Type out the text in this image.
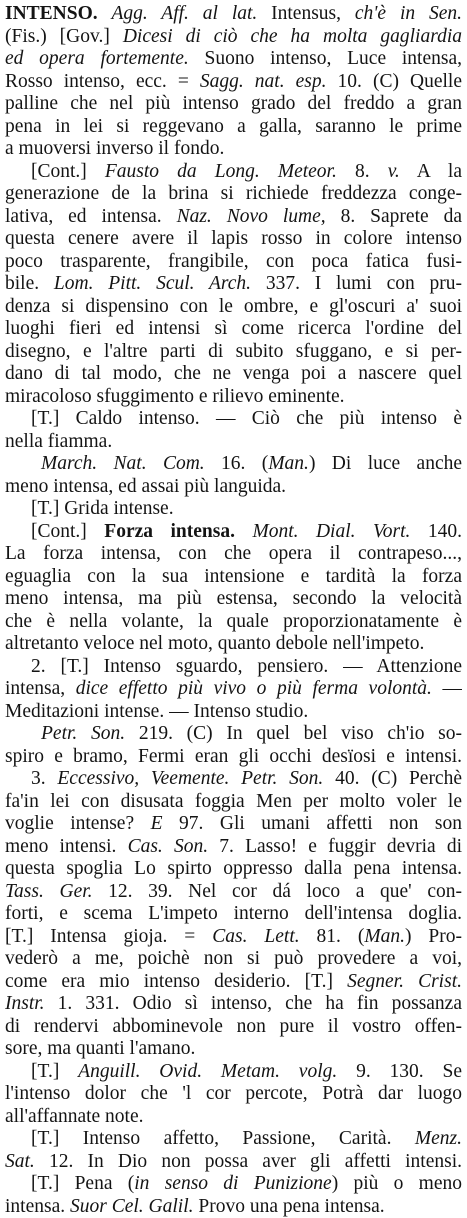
INTENSO. Agg. Aff. al lat. Intensus, ch'è in Sen.
(Fis.) [Gov.] Dicesi di ciò che ha molta gagliardia
ed opera fortemente. Suono intenso, Luce intensa,
Rosso intenso, ecc. = Sagg. nat. esp. 10. (C) Quelle
palline che nel più intenso grado del freddo a gran
pena in lei si reggevano a galla, saranno le prime
a muoversi inverso il fondo.
[Cont.] Fausto da Long. Meteor. 8. v. A la
generazione de la brina si richiede freddezza conge-
lativa, ed intensa. Naz. Novo lume, 8. Saprete da
questa cenere avere il lapis rosso in colore intenso
poco trasparente, frangibile, con poca fatica fusi-
bile. Lom. Pitt. Scul. Arch. 337. I lumi con pru-
denza si dispensino con le ombre, e gl'oscuri a' suoi
luoghi fieri ed intensi sì come ricerca l'ordine del
disegno, e l'altre parti di subito sfuggano, e si per-
dano di tal modo, che ne venga poi a nascere quel
miracoloso sfuggimento e rilievo eminente.
[T.] Caldo intenso. — Ciò che più intenso è
nella fiamma.
March. Nat. Com. 16. (Man.) Di luce anche
meno intensa, ed assai più languida.
[T.] Grida intense.
[Cont.] Forza intensa. Mont. Dial. Vort. 140.
La forza intensa, con che opera il contrapeso...,
eguaglia con la sua intensione e tardità la forza
meno intensa, ma più estensa, secondo la velocità
che è nella volante, la quale proporzionatamente è
altretanto veloce nel moto, quanto debole nell'impeto.
2. [T.] Intenso sguardo, pensiero. — Attenzione
intensa, dice effetto più vivo o più ferma volontà. —
Meditazioni intense. — Intenso studio.
Petr. Son. 219. (C) In quel bel viso ch'io so-
spiro e bramo, Fermi eran gli occhi desïosi e intensi.
3. Eccessivo, Veemente. Petr. Son. 40. (C) Perchè
fa'in lei con disusata foggia Men per molto voler le
voglie intense? E 97. Gli umani affetti non son
meno intensi. Cas. Son. 7. Lasso! e fuggir devria di
questa spoglia Lo spirto oppresso dalla pena intensa.
Tass. Ger. 12. 39. Nel cor dá loco a que' con-
forti, e scema L'impeto interno dell'intensa doglia.
[T.] Intensa gioja. = Cas. Lett. 81. (Man.) Pro-
vederò a me, poichè non si può provedere a voi,
come era mio intenso desiderio. [T.] Segner. Crist.
Instr. 1. 331. Odio sì intenso, che ha fin possanza
di rendervi abbominevole non pure il vostro offen-
sore, ma quanti l'amano.
[T.] Anguill. Ovid. Metam. volg. 9. 130. Se
l'intenso dolor che 'l cor percote, Potrà dar luogo
all'affannate note.
[T.] Intenso affetto, Passione, Carità. Menz.
Sat. 12. In Dio non possa aver gli affetti intensi.
[T.] Pena (in senso di Punizione) più o meno
intensa. Suor Cel. Galil. Provo una pena intensa.
